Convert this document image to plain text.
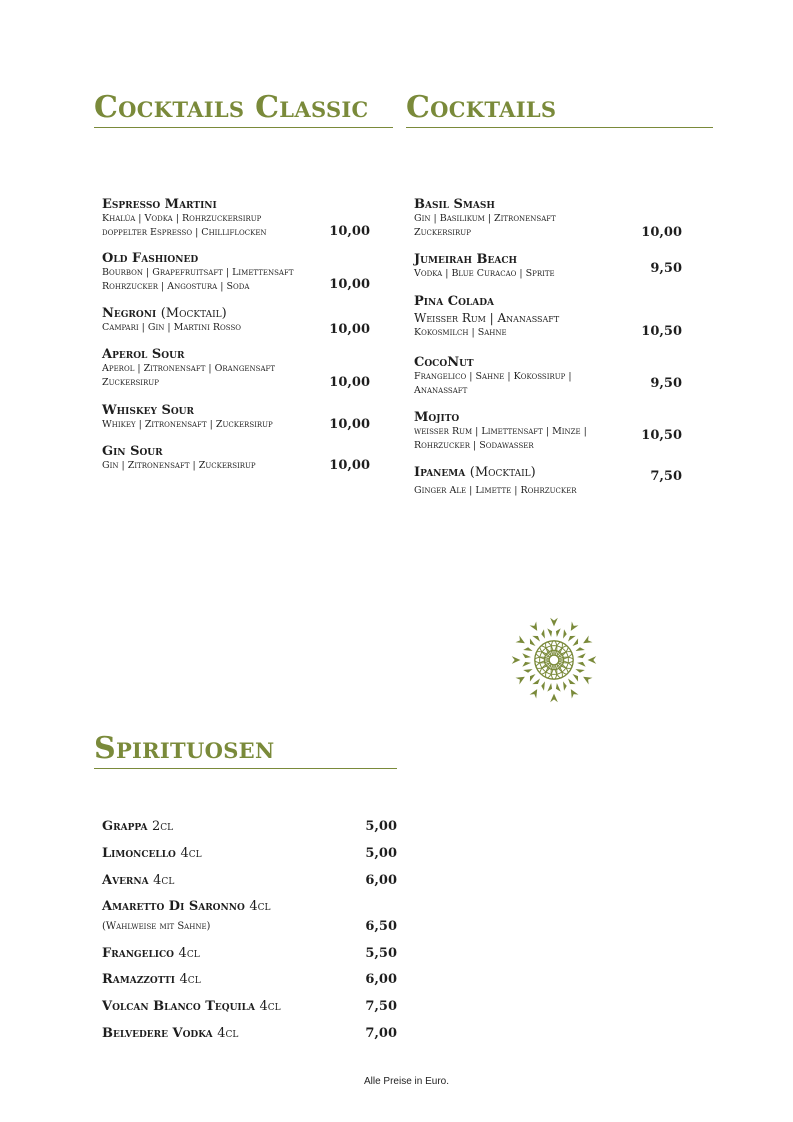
Cocktails Classic Cocktails
Espresso Martini
Khalúa | Vodka | Rohrzuckersirup
doppelter Espresso | Chilliflocken	10,00
Old Fashioned
Bourbon | Grapefruitsaft | Limettensaft
Rohrzucker | Angostura | Soda	10,00
Negroni (Mocktail)
Campari | Gin | Martini Rosso	10,00
Aperol Sour
Aperol | Zitronensaft | Orangensaft
Zuckersirup	10,00
Whiskey Sour
Whikey | Zitronensaft | Zuckersirup	10,00
Gin Sour
Gin | Zitronensaft | Zuckersirup	10,00
Basil Smash
Gin | Basilikum | Zitronensaft
Zuckersirup	10,00
Jumeirah Beach
Vodka | Blue Curacao | Sprite	9,50
Pina Colada
Weisser Rum | Ananassaft
Kokosmilch | Sahne	10,50
CocoNut
Frangelico | Sahne | Kokossirup |
Ananassaft	9,50
Mojito
weisser Rum | Limettensaft | Minze |
Rohrzucker | Sodawasser
10,50
Ipanema (Mocktail)
Ginger Ale | Limette | Rohrzucker
7,50
Spirituosen
Grappa 2cl	5,00
Limoncello 4cl	5,00
Averna 4cl	6,00
Amaretto Di Saronno 4cl
(Wahlweise mit Sahne)	6,50
Frangelico 4cl	5,50
Ramazzotti 4cl	6,00
Volcan Blanco Tequila 4cl	7,50
Belvedere Vodka 4cl	7,00
Alle Preise in Euro.
